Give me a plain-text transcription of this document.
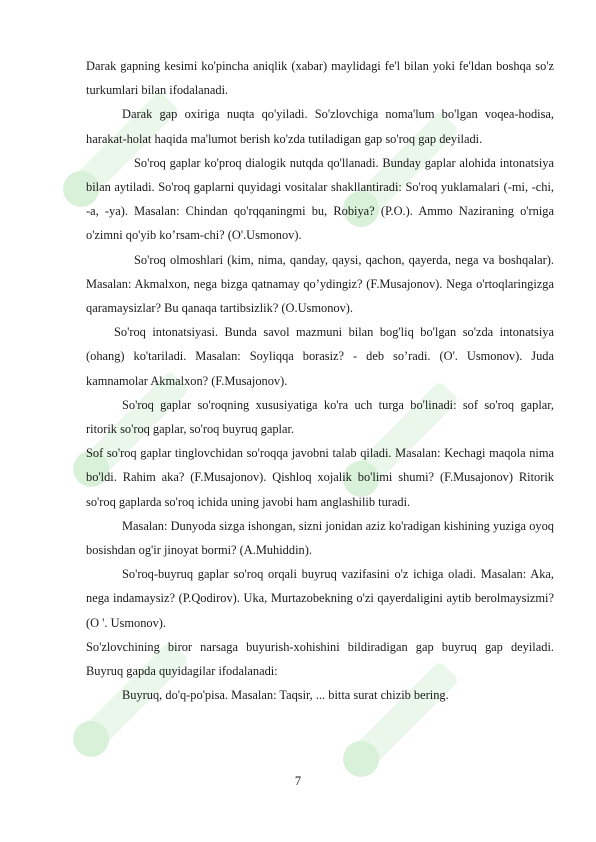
Darak gapning kesimi ko'pincha aniqlik (xabar) maylidagi fe'l bilan yoki fe'ldan boshqa so'z turkumlari bilan ifodalanadi.

Darak gap oxiriga nuqta qo'yiladi. So'zlovchiga noma'lum bo'lgan voqea-hodisa, harakat-holat haqida ma'lumot berish ko'zda tutiladigan gap so'roq gap deyiladi.

So'roq gaplar ko'proq dialogik nutqda qo'llanadi. Bunday gaplar alohida intonatsiya bilan aytiladi. So'roq gaplarni quyidagi vositalar shakllantiradi: So'roq yuklamalari (-mi, -chi, -a, -ya). Masalan: Chindan qo'rqqaningmi bu, Robiya? (P.O.). Ammo Naziraning o'rniga o'zimni qo'yib ko’rsam-chi? (O'.Usmonov).

So'roq olmoshlari (kim, nima, qanday, qaysi, qachon, qayerda, nega va boshqalar). Masalan: Akmalxon, nega bizga qatnamay qo’ydingiz? (F.Musajonov). Nega o'rtoqlaringizga qaramaysizlar? Bu qanaqa tartibsizlik? (O.Usmonov).

So'roq intonatsiyasi. Bunda savol mazmuni bilan bog'liq bo'lgan so'zda intonatsiya (ohang) ko'tariladi. Masalan: Soyliqqa borasiz? - deb so’radi. (O'. Usmonov). Juda kamnamolar Akmalxon? (F.Musajonov).

So'roq gaplar so'roqning xususiyatiga ko'ra uch turga bo'linadi: sof so'roq gaplar, ritorik so'roq gaplar, so'roq buyruq gaplar.

Sof so'roq gaplar tinglovchidan so'roqqa javobni talab qiladi. Masalan: Kechagi maqola nima bo'ldi. Rahim aka? (F.Musajonov). Qishloq xojalik bo'limi shumi? (F.Musajonov) Ritorik so'roq gaplarda so'roq ichida uning javobi ham anglashilib turadi.

Masalan: Dunyoda sizga ishongan, sizni jonidan aziz ko'radigan kishining yuziga oyoq bosishdan og'ir jinoyat bormi? (A.Muhiddin).

So'roq-buyruq gaplar so'roq orqali buyruq vazifasini o'z ichiga oladi. Masalan: Aka, nega indamaysiz? (P.Qodirov). Uka, Murtazobekning o'zi qayerdaligini aytib berolmaysizmi? (O '. Usmonov).

So'zlovchining biror narsaga buyurish-xohishini bildiradigan gap buyruq gap deyiladi. Buyruq gapda quyidagilar ifodalanadi:

Buyruq, do'q-po'pisa. Masalan: Taqsir, ... bitta surat chizib bering.

7
